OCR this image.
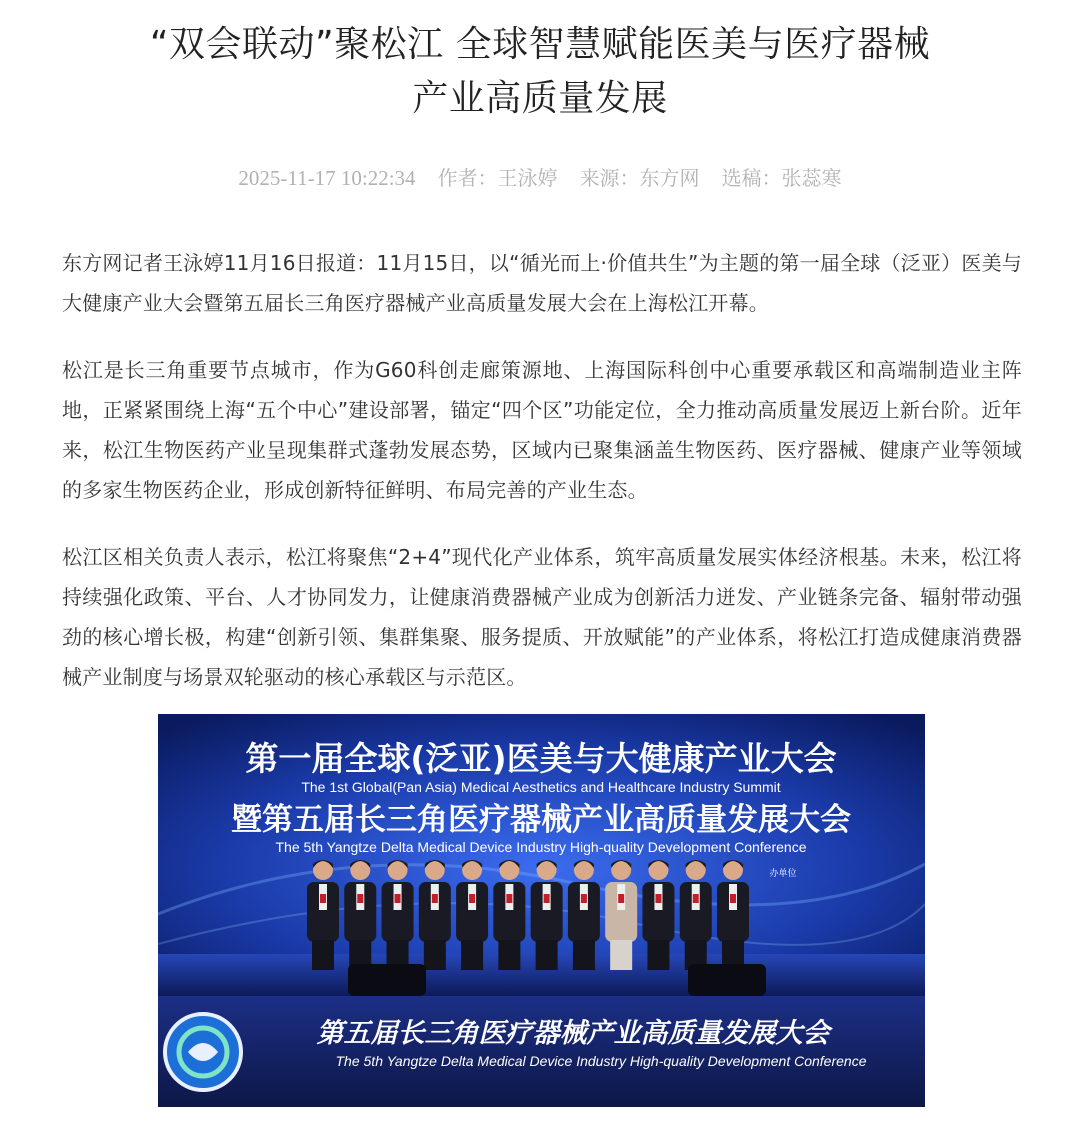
“双会联动”聚松江 全球智慧赋能医美与医疗器械
产业高质量发展
2025-11-17 10:22:34 作者：王泳婷 来源：东方网 选稿：张蕊寒

东方网记者王泳婷11月16日报道：11月15日，以“循光而上·价值共生”为主题的第一届全球（泛亚）医美与大健康产业大会暨第五届长三角医疗器械产业高质量发展大会在上海松江开幕。

松江是长三角重要节点城市，作为G60科创走廊策源地、上海国际科创中心重要承载区和高端制造业主阵地，正紧紧围绕上海“五个中心”建设部署，锚定“四个区”功能定位，全力推动高质量发展迈上新台阶。近年来，松江生物医药产业呈现集群式蓬勃发展态势，区域内已聚集涵盖生物医药、医疗器械、健康产业等领域的多家生物医药企业，形成创新特征鲜明、布局完善的产业生态。

松江区相关负责人表示，松江将聚焦“2+4”现代化产业体系，筑牢高质量发展实体经济根基。未来，松江将持续强化政策、平台、人才协同发力，让健康消费器械产业成为创新活力迸发、产业链条完备、辐射带动强劲的核心增长极，构建“创新引领、集群集聚、服务提质、开放赋能”的产业体系，将松江打造成健康消费器械产业制度与场景双轮驱动的核心承载区与示范区。

第一届全球(泛亚)医美与大健康产业大会
The 1st Global(Pan Asia) Medical Aesthetics and Healthcare Industry Summit
暨第五届长三角医疗器械产业高质量发展大会
The 5th Yangtze Delta Medical Device Industry High-quality Development Conference
办单位
第五届长三角医疗器械产业高质量发展大会
The 5th Yangtze Delta Medical Device Industry High-quality Development Conference
